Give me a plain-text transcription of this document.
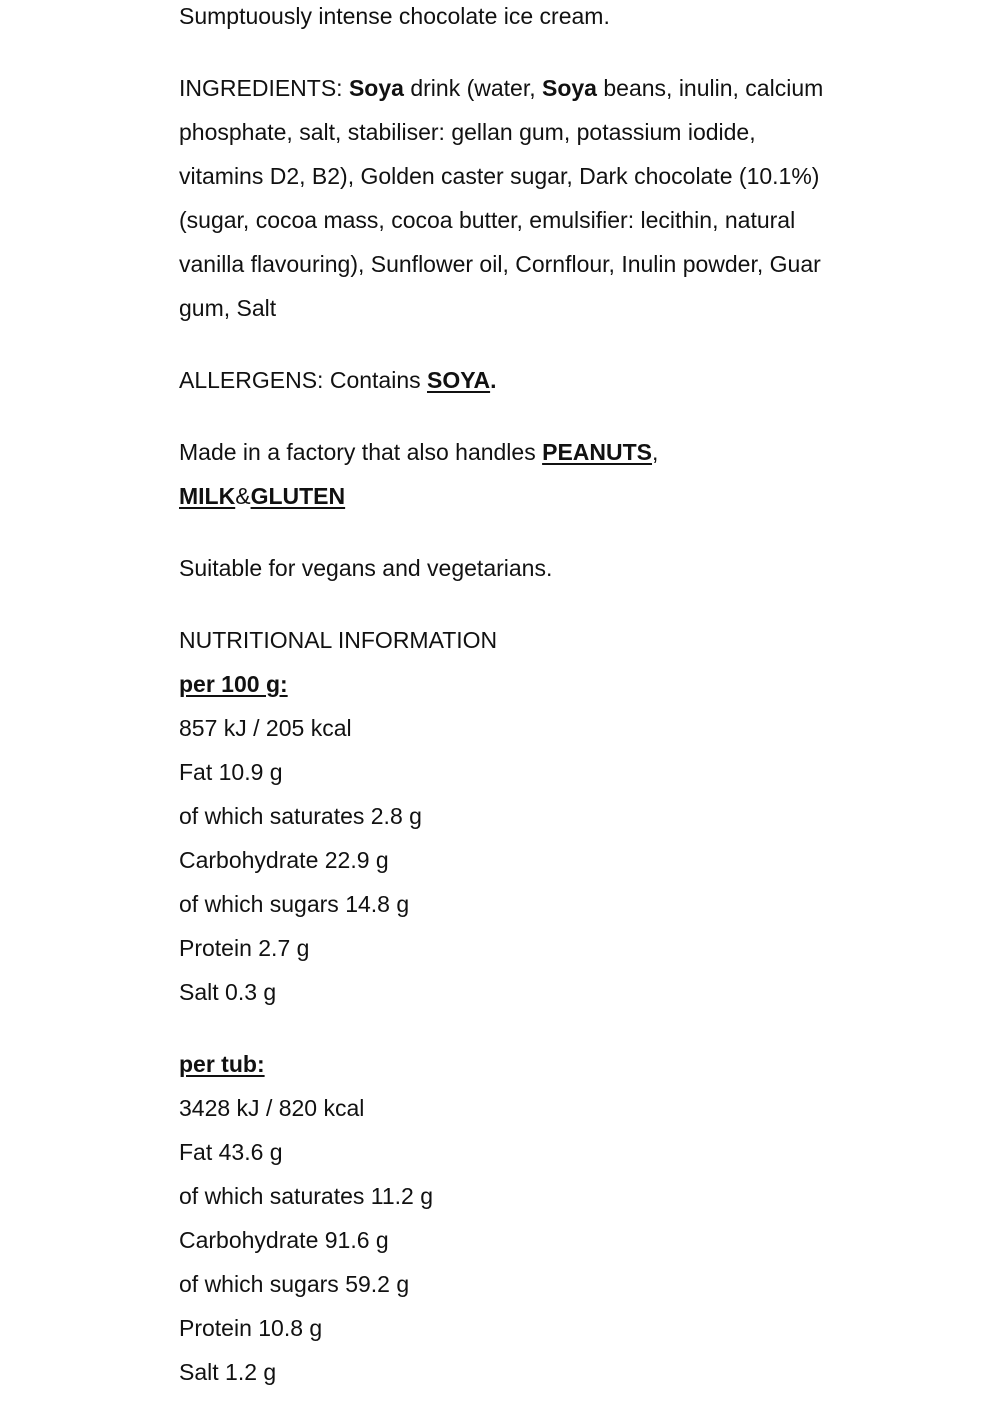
Sumptuously intense chocolate ice cream.

INGREDIENTS: Soya drink (water, Soya beans, inulin, calcium phosphate, salt, stabiliser: gellan gum, potassium iodide, vitamins D2, B2), Golden caster sugar, Dark chocolate (10.1%) (sugar, cocoa mass, cocoa butter, emulsifier: lecithin, natural vanilla flavouring), Sunflower oil, Cornflour, Inulin powder, Guar gum, Salt

ALLERGENS: Contains SOYA.

Made in a factory that also handles PEANUTS,
MILK&GLUTEN

Suitable for vegans and vegetarians.

NUTRITIONAL INFORMATION

per 100 g:

857 kJ / 205 kcal

Fat 10.9 g

of which saturates 2.8 g

Carbohydrate 22.9 g

of which sugars 14.8 g

Protein 2.7 g

Salt 0.3 g

per tub:

3428 kJ / 820 kcal

Fat 43.6 g

of which saturates 11.2 g

Carbohydrate 91.6 g

of which sugars 59.2 g

Protein 10.8 g

Salt 1.2 g
